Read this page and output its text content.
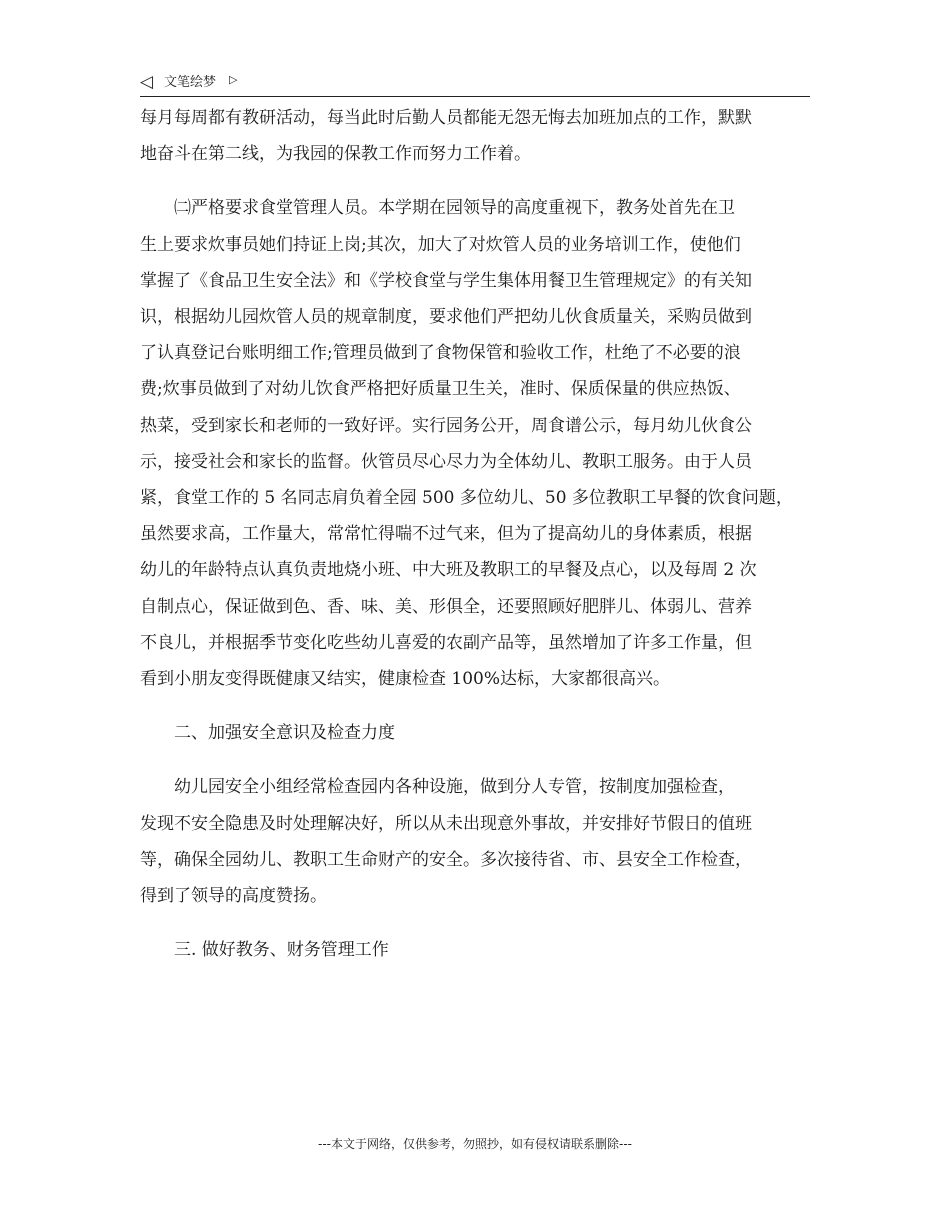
◁ 文笔绘梦 ▷

每月每周都有教研活动，每当此时后勤人员都能无怨无悔去加班加点的工作，默默
地奋斗在第二线，为我园的保教工作而努力工作着。

　　㈡严格要求食堂管理人员。本学期在园领导的高度重视下，教务处首先在卫
生上要求炊事员她们持证上岗;其次，加大了对炊管人员的业务培训工作，使他们
掌握了《食品卫生安全法》和《学校食堂与学生集体用餐卫生管理规定》的有关知
识，根据幼儿园炊管人员的规章制度，要求他们严把幼儿伙食质量关，采购员做到
了认真登记台账明细工作;管理员做到了食物保管和验收工作，杜绝了不必要的浪
费;炊事员做到了对幼儿饮食严格把好质量卫生关，准时、保质保量的供应热饭、
热菜，受到家长和老师的一致好评。实行园务公开，周食谱公示，每月幼儿伙食公
示，接受社会和家长的监督。伙管员尽心尽力为全体幼儿、教职工服务。由于人员
紧，食堂工作的 5 名同志肩负着全园 500 多位幼儿、50 多位教职工早餐的饮食问题，
虽然要求高，工作量大，常常忙得喘不过气来，但为了提高幼儿的身体素质，根据
幼儿的年龄特点认真负责地烧小班、中大班及教职工的早餐及点心，以及每周 2 次
自制点心，保证做到色、香、味、美、形俱全，还要照顾好肥胖儿、体弱儿、营养
不良儿，并根据季节变化吃些幼儿喜爱的农副产品等，虽然增加了许多工作量，但
看到小朋友变得既健康又结实，健康检查 100%达标，大家都很高兴。

　　二、加强安全意识及检查力度

　　幼儿园安全小组经常检查园内各种设施，做到分人专管，按制度加强检查，
发现不安全隐患及时处理解决好，所以从未出现意外事故，并安排好节假日的值班
等，确保全园幼儿、教职工生命财产的安全。多次接待省、市、县安全工作检查，
得到了领导的高度赞扬。

　　三. 做好教务、财务管理工作

---本文于网络，仅供参考，勿照抄，如有侵权请联系删除---
